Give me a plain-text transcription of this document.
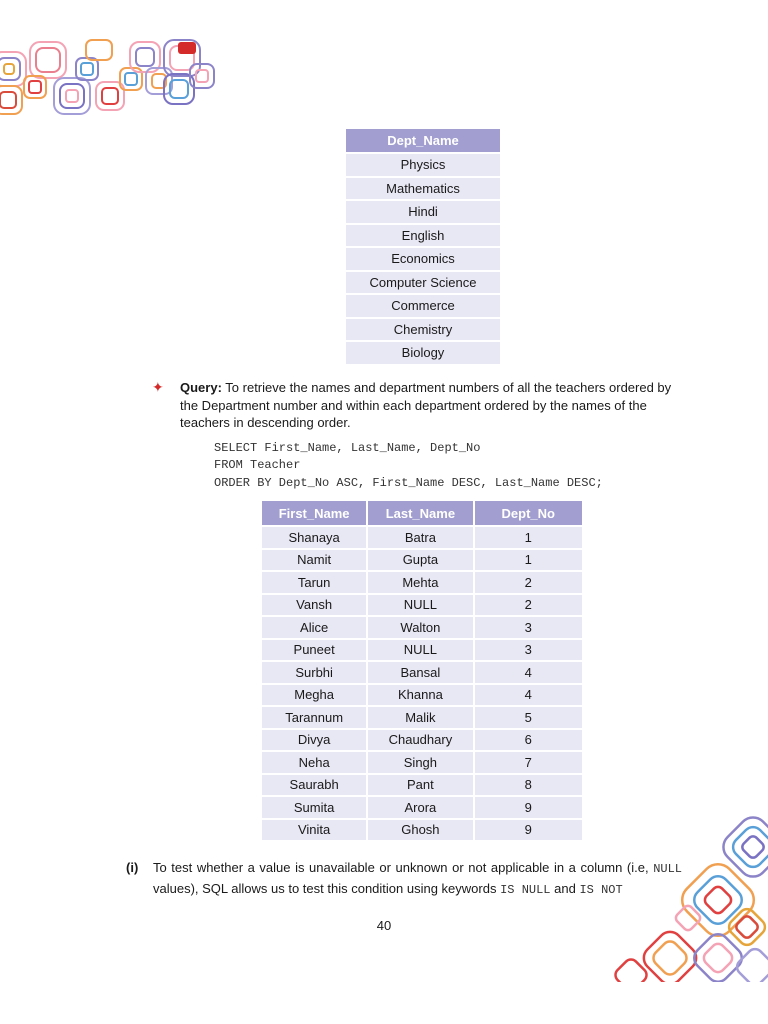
Dept_Name
Physics
Mathematics
Hindi
English
Economics
Computer Science
Commerce
Chemistry
Biology
✦ Query: To retrieve the names and department numbers of all the teachers ordered by the Department number and within each department ordered by the names of the teachers in descending order.

SELECT First_Name, Last_Name, Dept_No
FROM Teacher
ORDER BY Dept_No ASC, First_Name DESC, Last_Name DESC;
First_Name	Last_Name	Dept_No
Shanaya	Batra	1
Namit	Gupta	1
Tarun	Mehta	2
Vansh	NULL	2
Alice	Walton	3
Puneet	NULL	3
Surbhi	Bansal	4
Megha	Khanna	4
Tarannum	Malik	5
Divya	Chaudhary	6
Neha	Singh	7
Saurabh	Pant	8
Sumita	Arora	9
Vinita	Ghosh	9
(i) To test whether a value is unavailable or unknown or not applicable in a column (i.e, NULL values), SQL allows us to test this condition using keywords IS NULL and IS NOT
40
